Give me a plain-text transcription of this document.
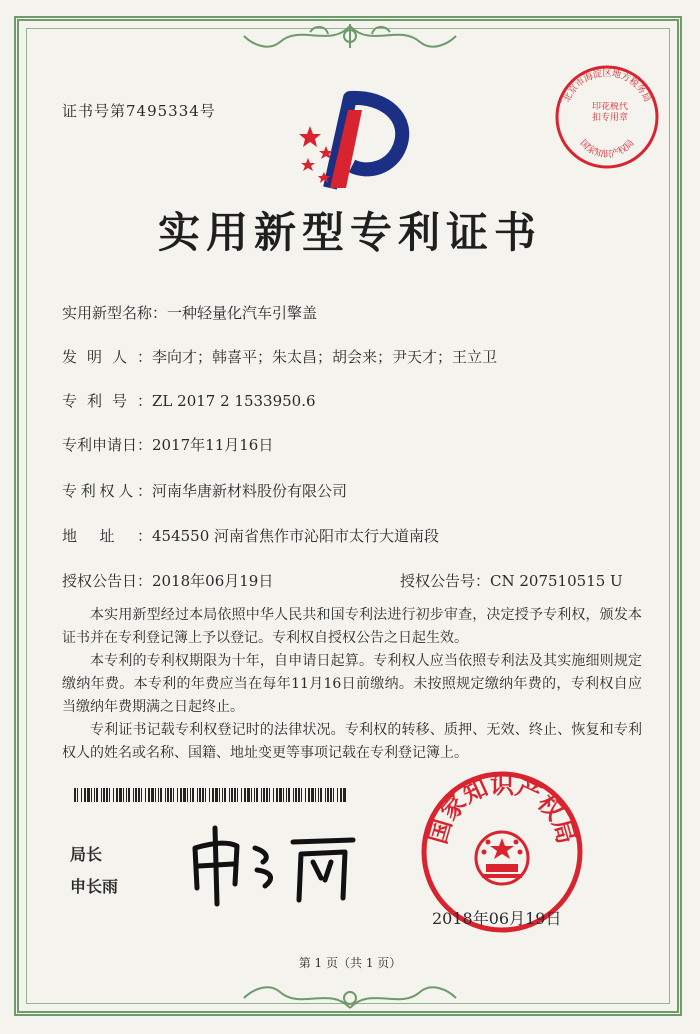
证书号第7495334号
北京市海淀区地方税务局
国家知识产权局
印花税代扣专用章
实用新型专利证书
实用新型名称：一种轻量化汽车引擎盖
发明人：李向才；韩喜平；朱太昌；胡会来；尹天才；王立卫
专利号：ZL 2017 2 1533950.6
专利申请日：2017年11月16日
专利权人：河南华唐新材料股份有限公司
地址：454550 河南省焦作市沁阳市太行大道南段
授权公告日：2018年06月19日	授权公告号：CN 207510515 U
本实用新型经过本局依照中华人民共和国专利法进行初步审查，决定授予专利权，颁发本证书并在专利登记簿上予以登记。专利权自授权公告之日起生效。
本专利的专利权期限为十年，自申请日起算。专利权人应当依照专利法及其实施细则规定缴纳年费。本专利的年费应当在每年11月16日前缴纳。未按照规定缴纳年费的，专利权自应当缴纳年费期满之日起终止。
专利证书记载专利权登记时的法律状况。专利权的转移、质押、无效、终止、恢复和专利权人的姓名或名称、国籍、地址变更等事项记载在专利登记簿上。
局长
申长雨
国家知识产权局
2018年06月19日
第 1 页（共 1 页）
